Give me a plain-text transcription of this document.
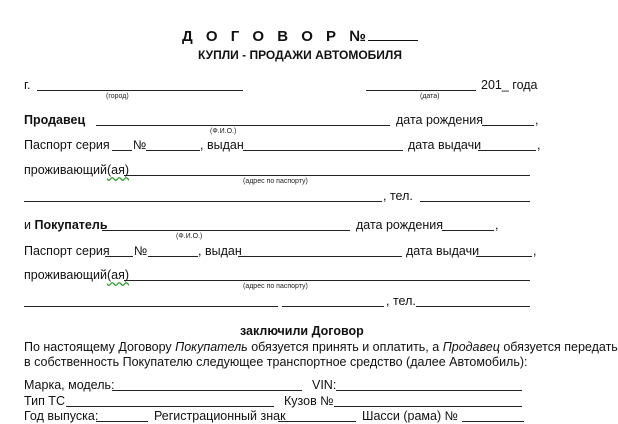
Д О Г О В О Р №
КУПЛИ - ПРОДАЖИ АВТОМОБИЛЯ
г.
(город)
201_ года
(дата)
Продавец	дата рождения	,
(Ф.И.О.)
Паспорт серия №	, выдан	дата выдачи	,
проживающий(ая)
(адрес по паспорту)
, тел.
и Покупатель	дата рождения	,
(Ф.И.О.)
Паспорт серия №	, выдан	дата выдачи	,
проживающий(ая)
(адрес по паспорту)
, тел.
заключили Договор
По настоящему Договору Покупатель обязуется принять и оплатить, а Продавец обязуется передать
в собственность Покупателю следующее транспортное средство (далее Автомобиль):
Марка, модель:	VIN:
Тип ТС	Кузов №
Год выпуска:	Регистрационный знак	Шасси (рама) №
